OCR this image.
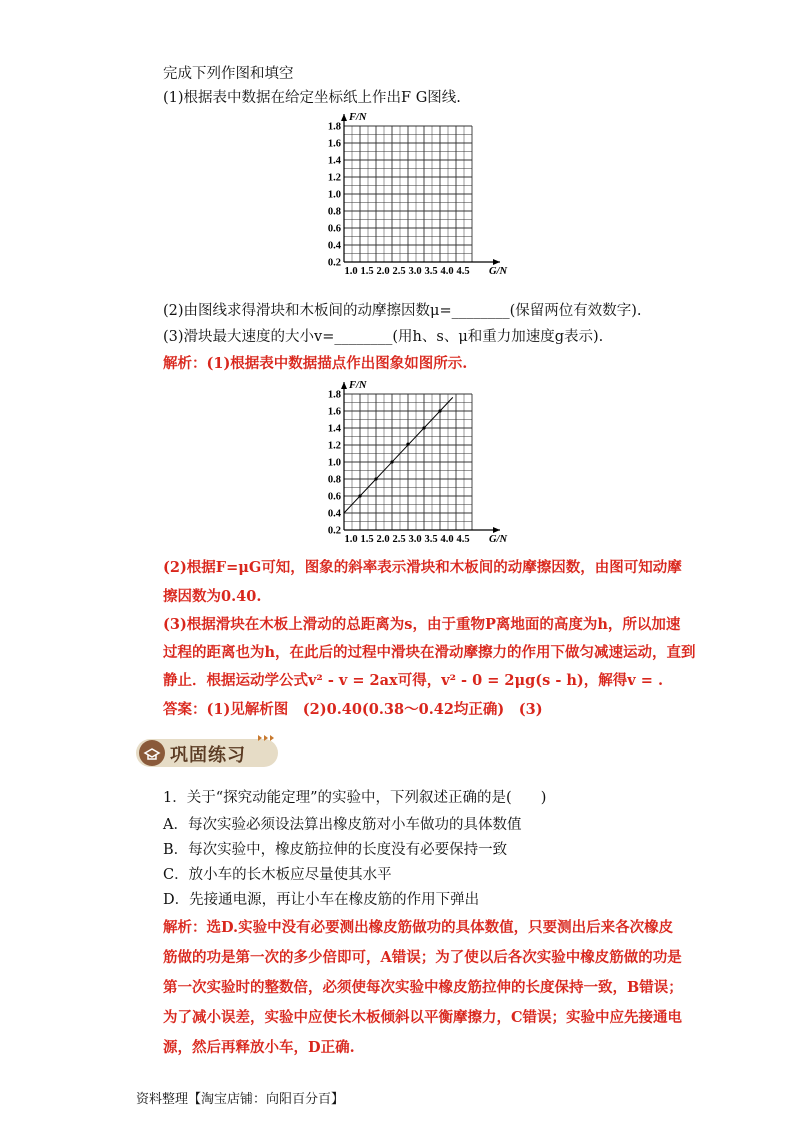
完成下列作图和填空
(1)根据表中数据在给定坐标纸上作出F G图线.
1.0 1.5 2.0 2.5 3.0 3.5 4.0 4.5
0.2
0.4
0.6
0.8
1.0
1.2
1.4
1.6
1.8
G/N
F/N
(2)由图线求得滑块和木板间的动摩擦因数μ=________(保留两位有效数字).
(3)滑块最大速度的大小v=________(用h、s、μ和重力加速度g表示).
解析：(1)根据表中数据描点作出图象如图所示.
1.0 1.5 2.0 2.5 3.0 3.5 4.0 4.5
0.2
0.4
0.6
0.8
1.0
1.2
1.4
1.6
1.8
G/N
F/N
(2)根据F=μG可知，图象的斜率表示滑块和木板间的动摩擦因数，由图可知动摩
擦因数为0.40.
(3)根据滑块在木板上滑动的总距离为s，由于重物P离地面的高度为h，所以加速
过程的距离也为h，在此后的过程中滑块在滑动摩擦力的作用下做匀减速运动，直到
静止．根据运动学公式v² - v = 2ax可得，v² - 0 = 2μg(s - h)，解得v = .
答案：(1)见解析图　(2)0.40(0.38～0.42均正确)　(3)
巩固练习
1．关于“探究动能定理”的实验中，下列叙述正确的是(　　)
A．每次实验必须设法算出橡皮筋对小车做功的具体数值
B．每次实验中，橡皮筋拉伸的长度没有必要保持一致
C．放小车的长木板应尽量使其水平
D．先接通电源，再让小车在橡皮筋的作用下弹出
解析：选D.实验中没有必要测出橡皮筋做功的具体数值，只要测出后来各次橡皮筋做的功是第一次的多少倍即可，A错误；为了使以后各次实验中橡皮筋做的功是第一次实验时的整数倍，必须使每次实验中橡皮筋拉伸的长度保持一致，B错误；为了减小误差，实验中应使长木板倾斜以平衡摩擦力，C错误；实验中应先接通电源，然后再释放小车，D正确.
资料整理【淘宝店铺：向阳百分百】
